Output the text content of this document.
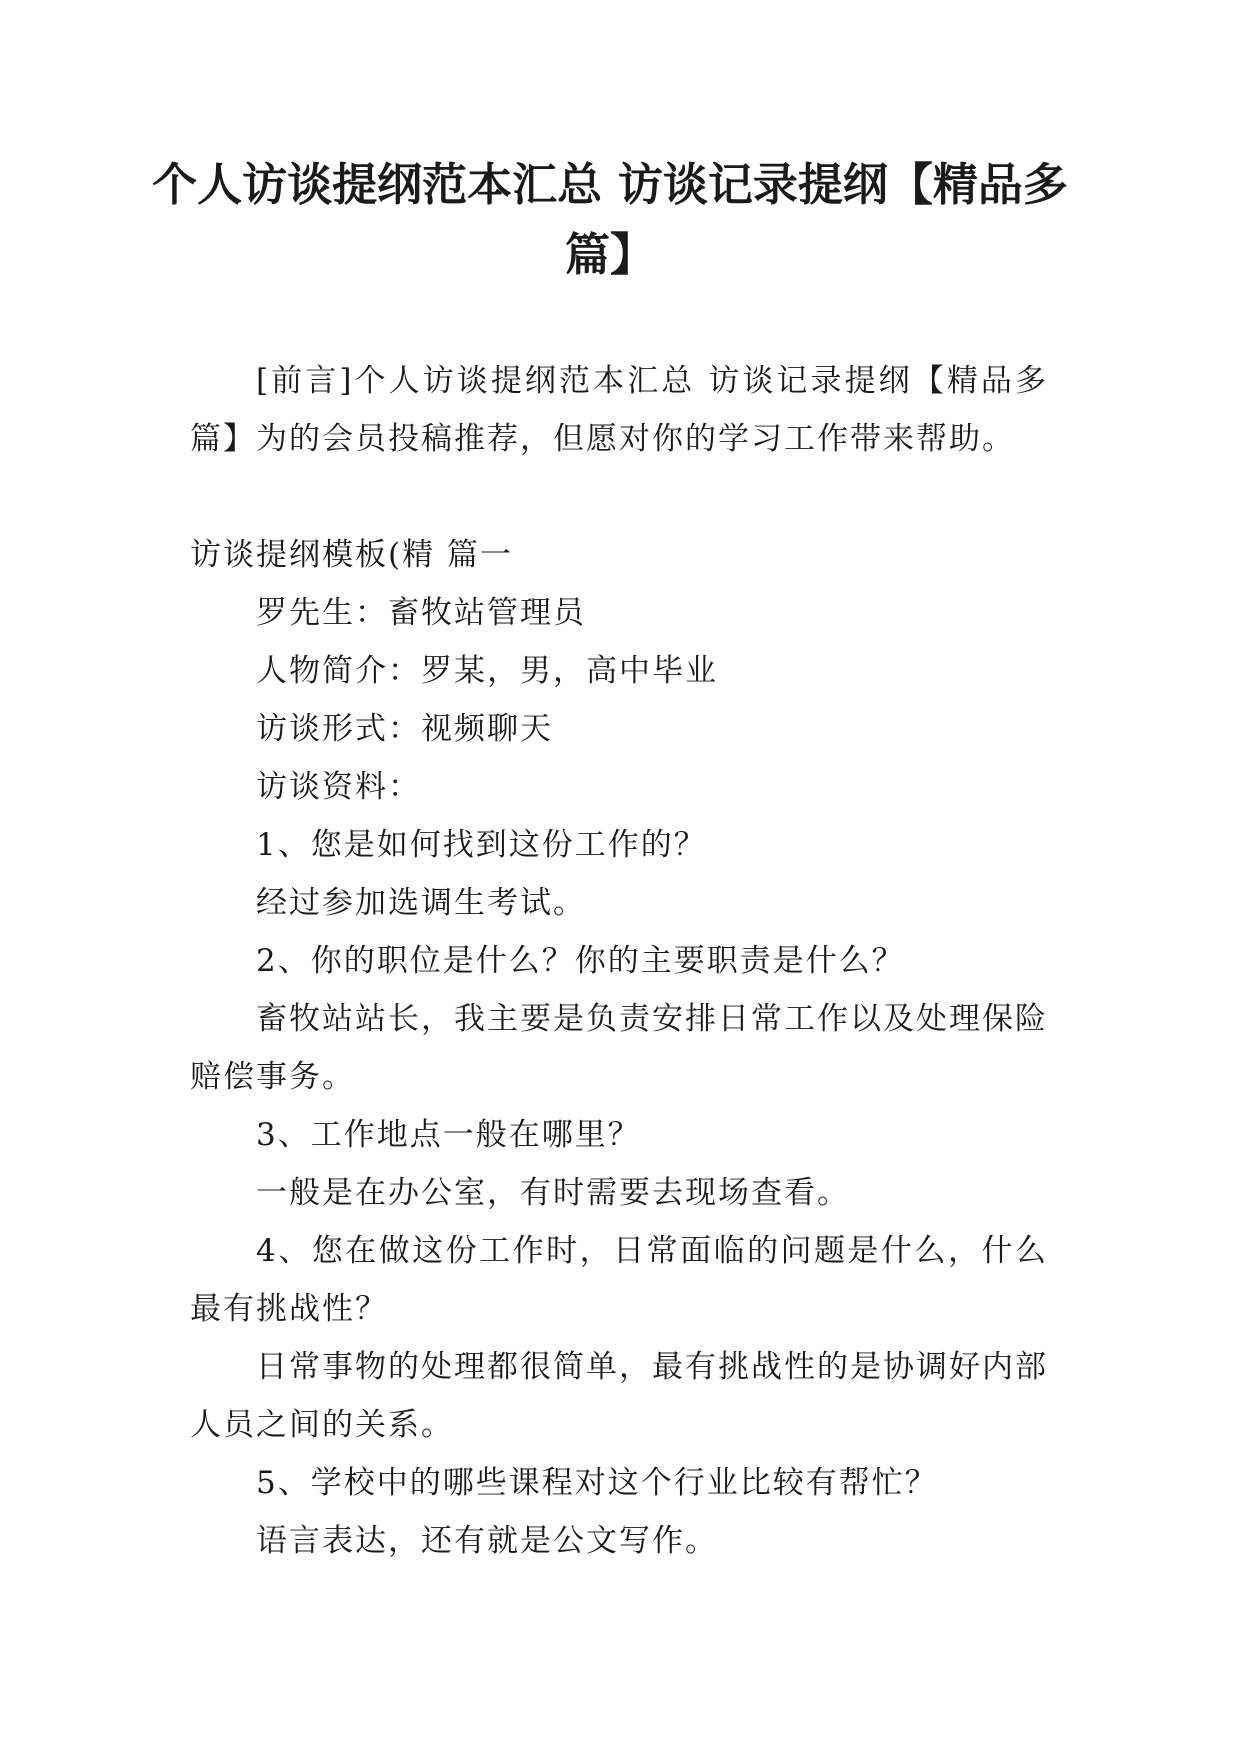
个人访谈提纲范本汇总 访谈记录提纲【精品多篇】

[前言]个人访谈提纲范本汇总 访谈记录提纲【精品多篇】为的会员投稿推荐，但愿对你的学习工作带来帮助。

访谈提纲模板(精 篇一

罗先生：畜牧站管理员

人物简介：罗某，男，高中毕业

访谈形式：视频聊天

访谈资料：

1、您是如何找到这份工作的？

经过参加选调生考试。

2、你的职位是什么？你的主要职责是什么？

畜牧站站长，我主要是负责安排日常工作以及处理保险赔偿事务。

3、工作地点一般在哪里？

一般是在办公室，有时需要去现场查看。

4、您在做这份工作时，日常面临的问题是什么，什么最有挑战性？

日常事物的处理都很简单，最有挑战性的是协调好内部人员之间的关系。

5、学校中的哪些课程对这个行业比较有帮忙？

语言表达，还有就是公文写作。
